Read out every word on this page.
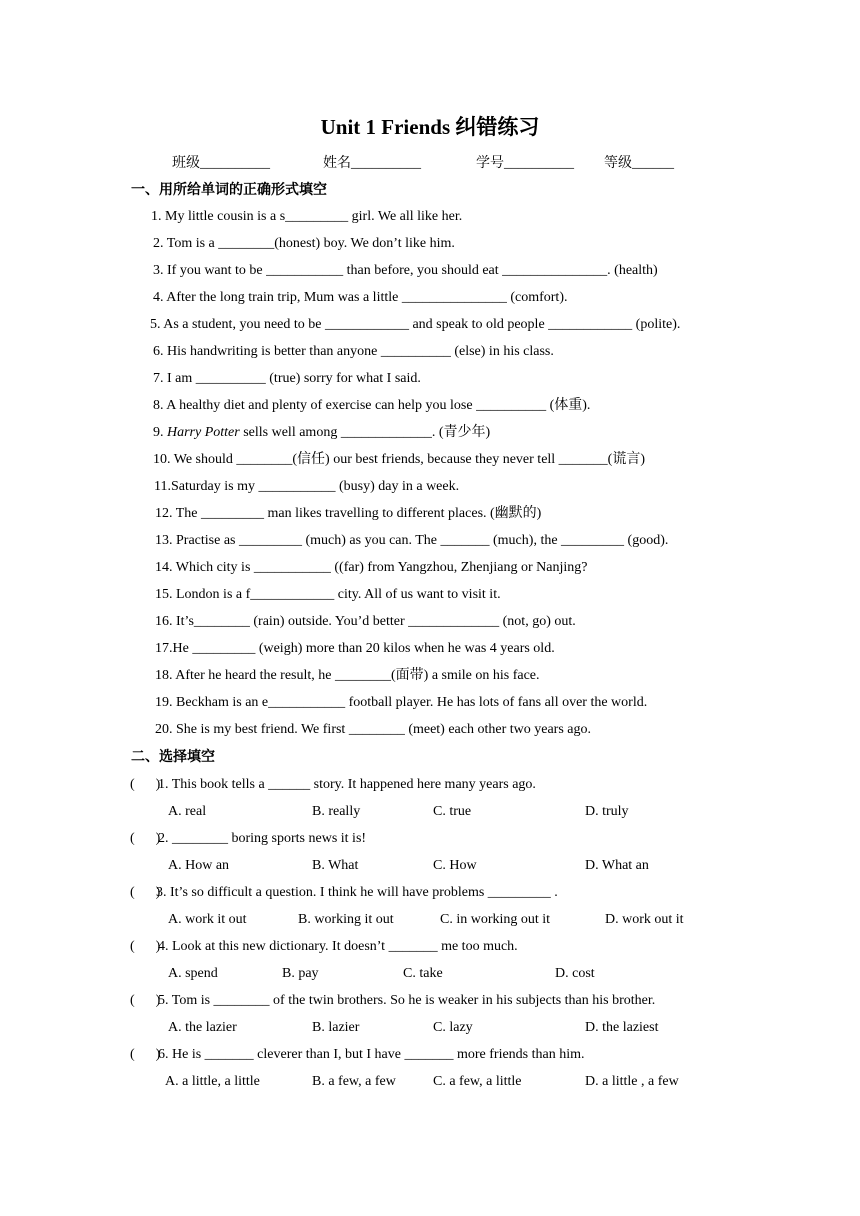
Unit 1 Friends 纠错练习
班级__________	姓名__________	学号__________ 等级______
一、用所给单词的正确形式填空
1. My little cousin is a s_________ girl. We all like her.
2. Tom is a ________(honest) boy. We don’t like him.
3. If you want to be ___________ than before, you should eat _______________. (health)
4. After the long train trip, Mum was a little _______________ (comfort).
5. As a student, you need to be ____________ and speak to old people ____________ (polite).
6. His handwriting is better than anyone __________ (else) in his class.
7. I am __________ (true) sorry for what I said.
8. A healthy diet and plenty of exercise can help you lose __________ (体重).
9. Harry Potter sells well among _____________. (青少年)
10. We should ________(信任) our best friends, because they never tell _______(谎言)
11.Saturday is my ___________ (busy) day in a week.
12. The _________ man likes travelling to different places. (幽默的)
13. Practise as _________ (much) as you can. The _______ (much), the _________ (good).
14. Which city is ___________ ((far) from Yangzhou, Zhenjiang or Nanjing?
15. London is a f____________ city. All of us want to visit it.
16. It’s________ (rain) outside. You’d better _____________ (not, go) out.
17.He _________ (weigh) more than 20 kilos when he was 4 years old.
18. After he heard the result, he ________(面带) a smile on his face.
19. Beckham is an e___________ football player. He has lots of fans all over the world.
20. She is my best friend. We first ________ (meet) each other two years ago.
二、选择填空
(      )
1. This book tells a ______ story. It happened here many years ago.
A. real	B. really	C. true	D. truly
(      )
2. ________ boring sports news it is!
A. How an	B. What	C. How	D. What an
(      )
3. It’s so difficult a question. I think he will have problems _________ .
A. work it out	B. working it out	C. in working out it	D. work out it
(      )
4. Look at this new dictionary. It doesn’t _______ me too much.
A. spend	B. pay	C. take	D. cost
(      )
5. Tom is ________ of the twin brothers. So he is weaker in his subjects than his brother.
A. the lazier	B. lazier	C. lazy	D. the laziest
(      )
6. He is _______ cleverer than I, but I have _______ more friends than him.
A. a little, a little	B. a few, a few	C. a few, a little	D. a little , a few
